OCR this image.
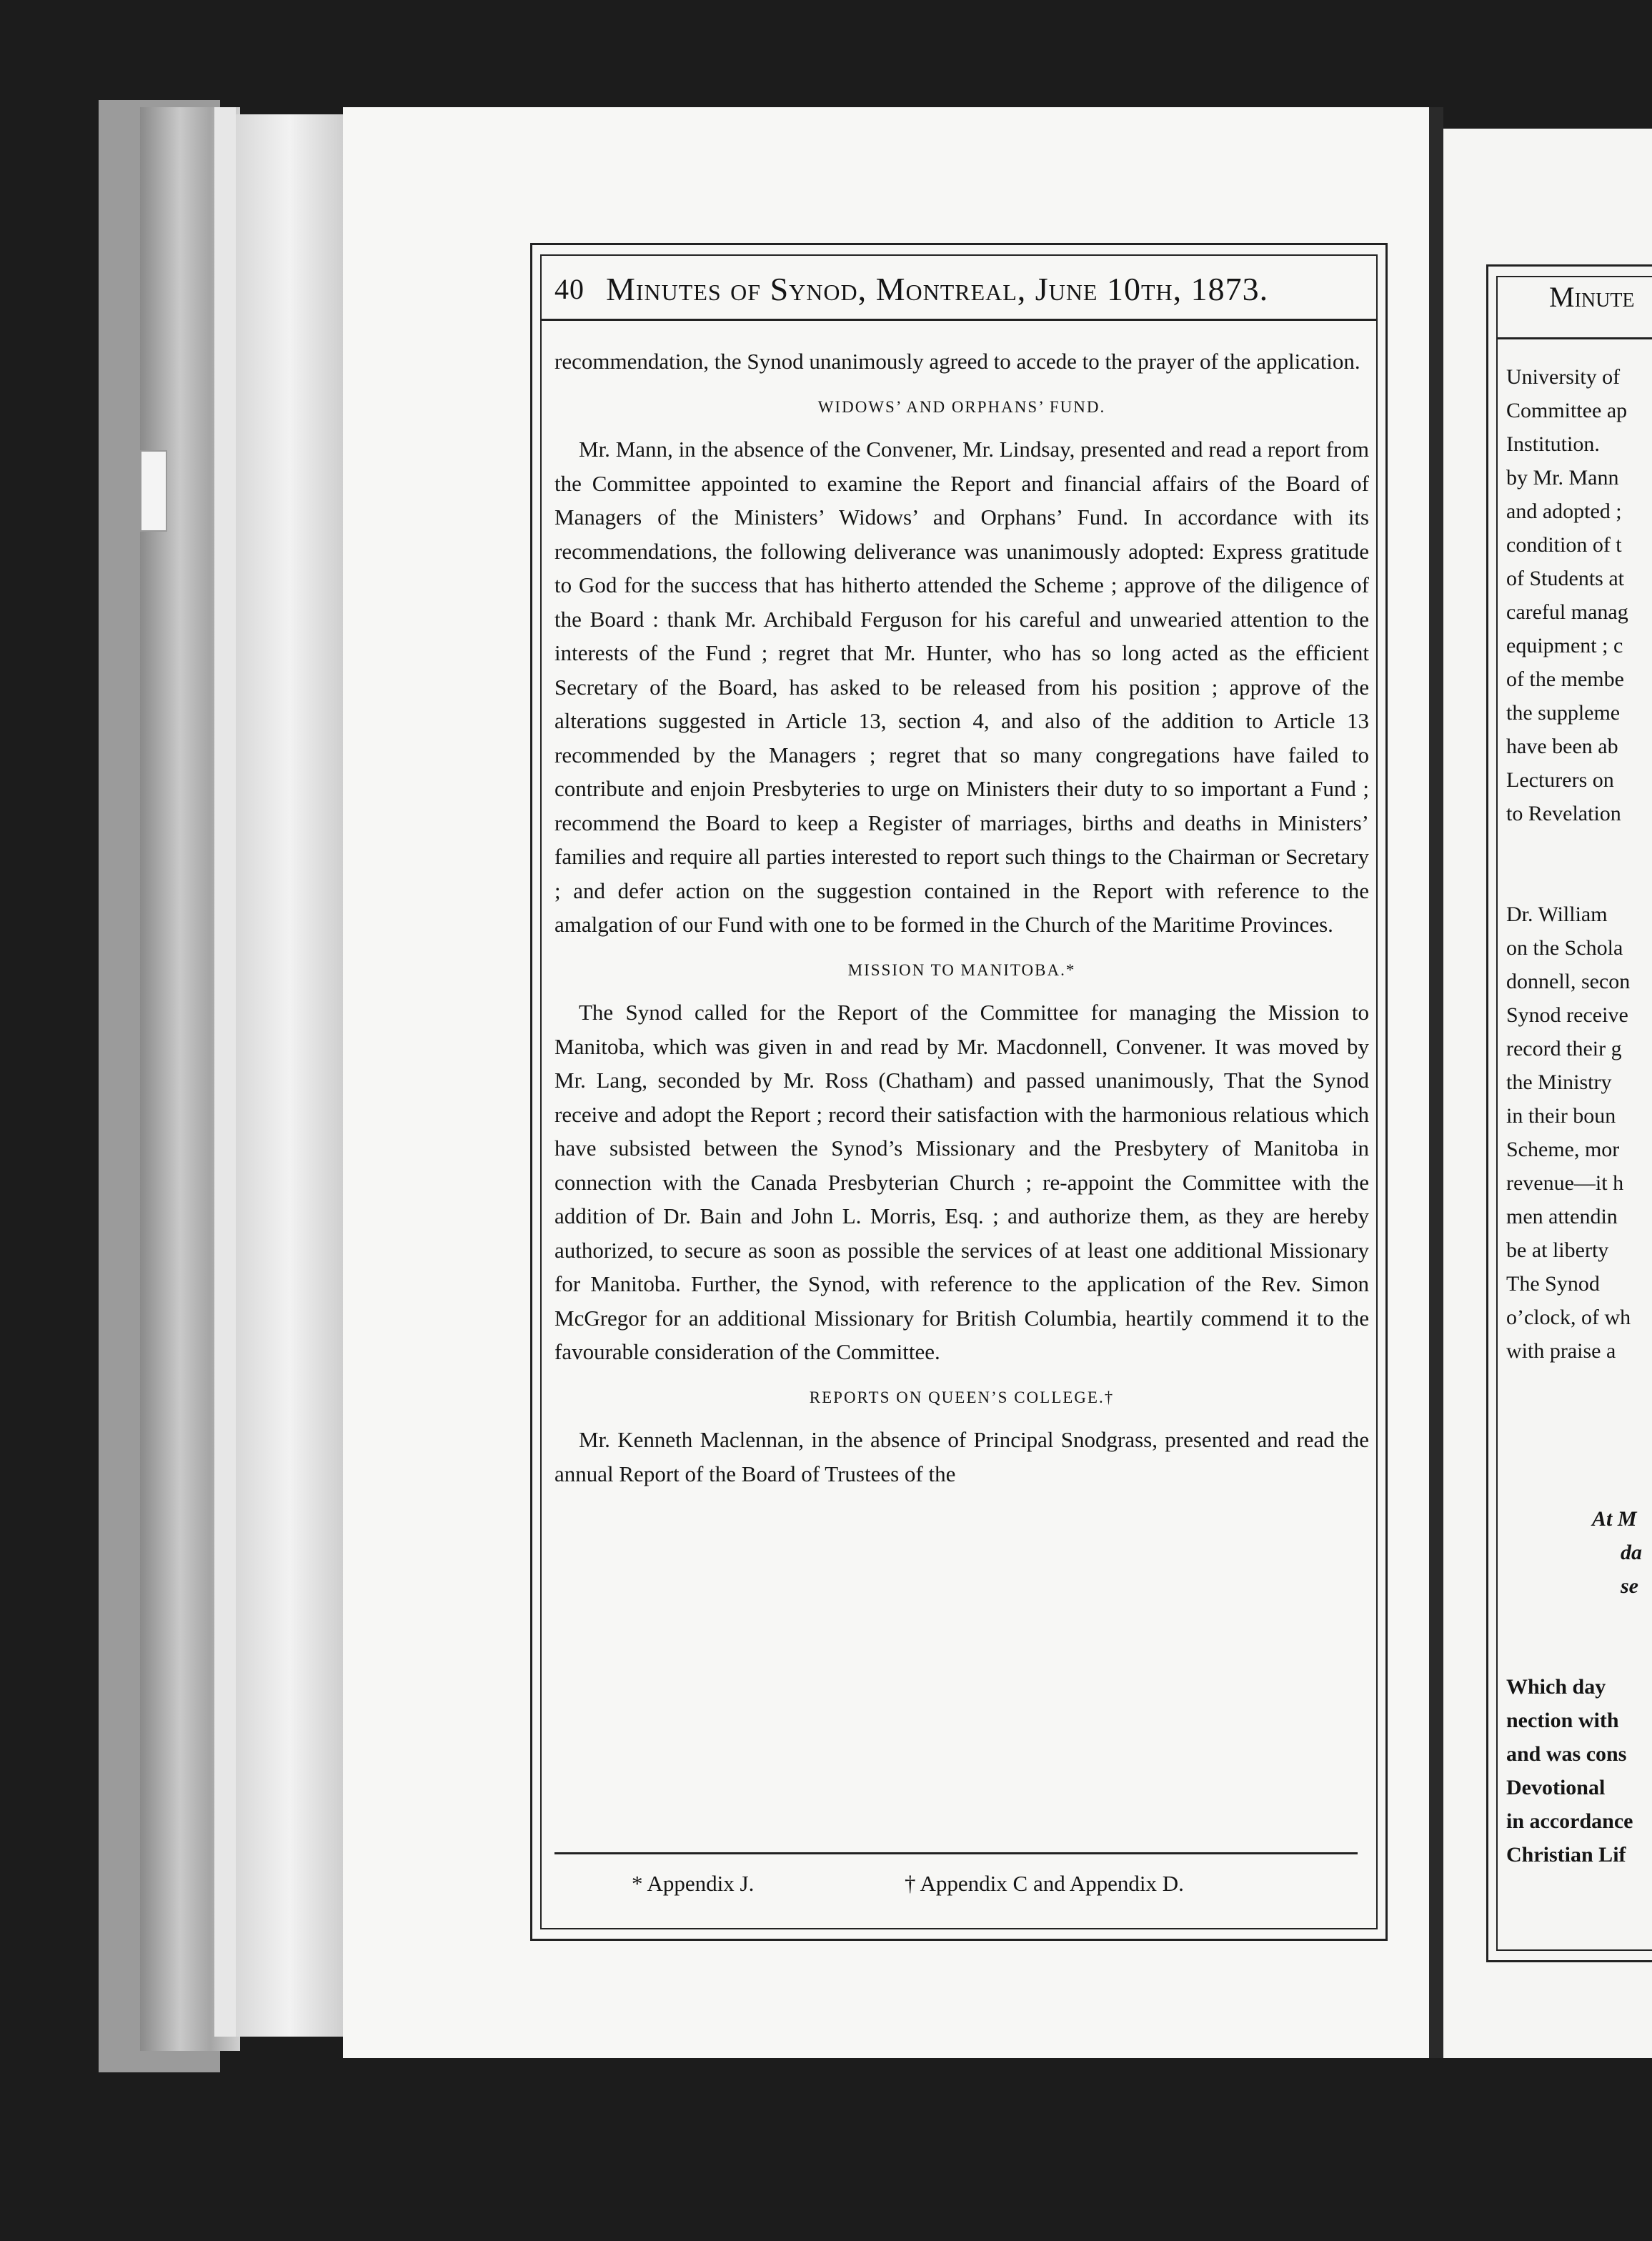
40 Minutes of Synod, Montreal, June 10th, 1873.

recommendation, the Synod unanimously agreed to accede to the prayer of the application.

WIDOWS’ AND ORPHANS’ FUND.

Mr. Mann, in the absence of the Convener, Mr. Lindsay, presented and read a report from the Committee appointed to examine the Report and financial affairs of the Board of Managers of the Ministers’ Widows’ and Orphans’ Fund. In accordance with its recommendations, the following deliverance was unanimously adopted: Express gratitude to God for the success that has hitherto attended the Scheme ; approve of the diligence of the Board : thank Mr. Archibald Ferguson for his careful and unwearied attention to the interests of the Fund ; regret that Mr. Hunter, who has so long acted as the efficient Secretary of the Board, has asked to be released from his position ; approve of the alterations suggested in Article 13, section 4, and also of the addition to Article 13 recommended by the Managers ; regret that so many congregations have failed to contribute and enjoin Presbyteries to urge on Ministers their duty to so important a Fund ; recommend the Board to keep a Register of marriages, births and deaths in Ministers’ families and require all parties interested to report such things to the Chairman or Secretary ; and defer action on the suggestion contained in the Report with reference to the amalgation of our Fund with one to be formed in the Church of the Maritime Provinces.

MISSION TO MANITOBA.*

The Synod called for the Report of the Committee for managing the Mission to Manitoba, which was given in and read by Mr. Macdonnell, Convener. It was moved by Mr. Lang, seconded by Mr. Ross (Chatham) and passed unanimously, That the Synod receive and adopt the Report ; record their satisfaction with the harmonious relatious which have subsisted between the Synod’s Missionary and the Presbytery of Manitoba in connection with the Canada Presbyterian Church ; re-appoint the Committee with the addition of Dr. Bain and John L. Morris, Esq. ; and authorize them, as they are hereby authorized, to secure as soon as possible the services of at least one additional Missionary for Manitoba. Further, the Synod, with reference to the application of the Rev. Simon McGregor for an additional Missionary for British Columbia, heartily commend it to the favourable consideration of the Committee.

REPORTS ON QUEEN’S COLLEGE.†

Mr. Kenneth Maclennan, in the absence of Principal Snodgrass, presented and read the annual Report of the Board of Trustees of the

* Appendix J.	† Appendix C and Appendix D.
Minute
University of
Committee ap
Institution.
by Mr. Mann
and adopted ;
condition of t
of Students at
careful manag
equipment ; c
of the membe
the suppleme
have been ab
Lecturers on
to Revelation
Dr. William
on the Schola
donnell, secon
Synod receive
record their g
the Ministry
in their boun
Scheme, mor
revenue—it h
men attendin
be at liberty
The Synod
o’clock, of wh
with praise a
At M
da
se
Which day
nection with
and was cons
Devotional
in accordance
Christian Lif
